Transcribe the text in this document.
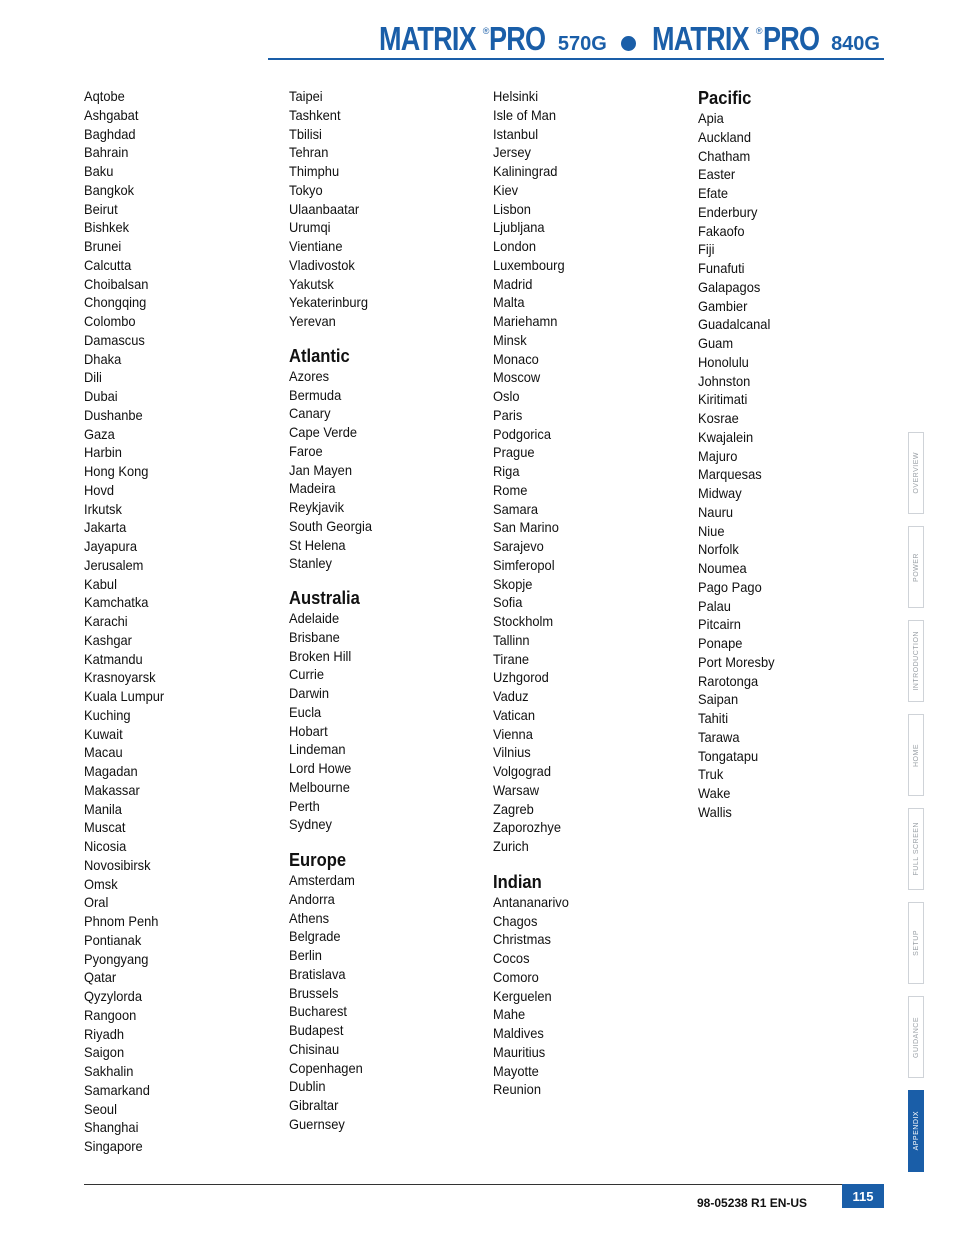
MATRIX ®PRO 570G MATRIX ®PRO 840G
Aqtobe
Ashgabat
Baghdad
Bahrain
Baku
Bangkok
Beirut
Bishkek
Brunei
Calcutta
Choibalsan
Chongqing
Colombo
Damascus
Dhaka
Dili
Dubai
Dushanbe
Gaza
Harbin
Hong Kong
Hovd
Irkutsk
Jakarta
Jayapura
Jerusalem
Kabul
Kamchatka
Karachi
Kashgar
Katmandu
Krasnoyarsk
Kuala Lumpur
Kuching
Kuwait
Macau
Magadan
Makassar
Manila
Muscat
Nicosia
Novosibirsk
Omsk
Oral
Phnom Penh
Pontianak
Pyongyang
Qatar
Qyzylorda
Rangoon
Riyadh
Saigon
Sakhalin
Samarkand
Seoul
Shanghai
Singapore
Taipei
Tashkent
Tbilisi
Tehran
Thimphu
Tokyo
Ulaanbaatar
Urumqi
Vientiane
Vladivostok
Yakutsk
Yekaterinburg
Yerevan
Atlantic
Azores
Bermuda
Canary
Cape Verde
Faroe
Jan Mayen
Madeira
Reykjavik
South Georgia
St Helena
Stanley
Australia
Adelaide
Brisbane
Broken Hill
Currie
Darwin
Eucla
Hobart
Lindeman
Lord Howe
Melbourne
Perth
Sydney
Europe
Amsterdam
Andorra
Athens
Belgrade
Berlin
Bratislava
Brussels
Bucharest
Budapest
Chisinau
Copenhagen
Dublin
Gibraltar
Guernsey
Helsinki
Isle of Man
Istanbul
Jersey
Kaliningrad
Kiev
Lisbon
Ljubljana
London
Luxembourg
Madrid
Malta
Mariehamn
Minsk
Monaco
Moscow
Oslo
Paris
Podgorica
Prague
Riga
Rome
Samara
San Marino
Sarajevo
Simferopol
Skopje
Sofia
Stockholm
Tallinn
Tirane
Uzhgorod
Vaduz
Vatican
Vienna
Vilnius
Volgograd
Warsaw
Zagreb
Zaporozhye
Zurich
Indian
Antananarivo
Chagos
Christmas
Cocos
Comoro
Kerguelen
Mahe
Maldives
Mauritius
Mayotte
Reunion
Pacific
Apia
Auckland
Chatham
Easter
Efate
Enderbury
Fakaofo
Fiji
Funafuti
Galapagos
Gambier
Guadalcanal
Guam
Honolulu
Johnston
Kiritimati
Kosrae
Kwajalein
Majuro
Marquesas
Midway
Nauru
Niue
Norfolk
Noumea
Pago Pago
Palau
Pitcairn
Ponape
Port Moresby
Rarotonga
Saipan
Tahiti
Tarawa
Tongatapu
Truk
Wake
Wallis
OVERVIEW
POWER
INTRODUCTION
HOME
FULL SCREEN
SETUP
GUIDANCE
APPENDIX
98-05238 R1 EN-US	115
